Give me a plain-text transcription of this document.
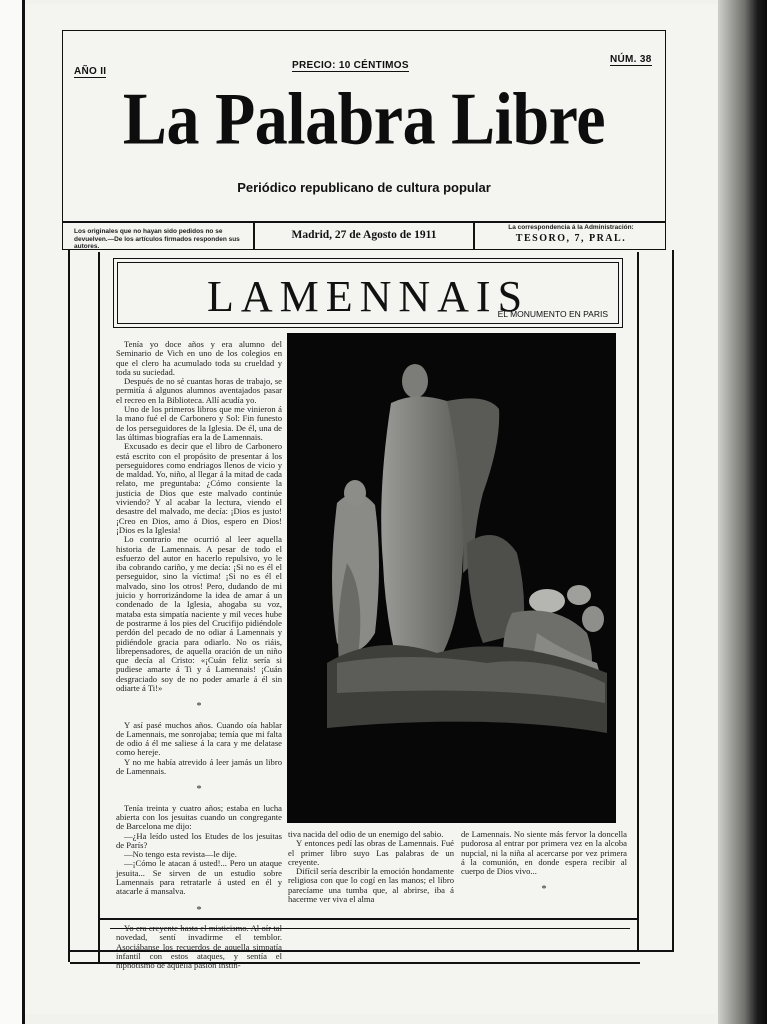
AÑO II
PRECIO: 10 CÉNTIMOS
NÚM. 38
La Palabra Libre
Periódico republicano de cultura popular
Los originales que no hayan sido pedidos no se devuelven.—De los artículos firmados responden sus autores.
Madrid, 27 de Agosto de 1911
La correspondencia á la Administración:
TESORO, 7, PRAL.
LAMENNAIS
EL MONUMENTO EN PARIS

Tenía yo doce años y era alumno del Seminario de Vich en uno de los colegios en que el clero ha acumulado toda su crueldad y toda su suciedad.

Después de no sé cuantas horas de trabajo, se permitía á algunos alumnos aventajados pasar el recreo en la Biblioteca. Allí acudía yo.

Uno de los primeros libros que me vinieron á la mano fué el de Carbonero y Sol: Fin funesto de los perseguidores de la Iglesia. De él, una de las últimas biografías era la de Lamennais.

Excusado es decir que el libro de Carbonero está escrito con el propósito de presentar á los perseguidores como endriagos llenos de vicio y de maldad. Yo, niño, al llegar á la mitad de cada relato, me preguntaba: ¿Cómo consiente la justicia de Dios que este malvado continúe viviendo? Y al acabar la lectura, viendo el desastre del malvado, me decía: ¡Dios es justo! ¡Creo en Dios, amo á Dios, espero en Dios! ¡Dios es la Iglesia!

Lo contrario me ocurrió al leer aquella historia de Lamennais. A pesar de todo el esfuerzo del autor en hacerlo repulsivo, yo le iba cobrando cariño, y me decía: ¡Si no es él el perseguidor, sino la víctima! ¡Si no es él el malvado, sino los otros! Pero, dudando de mi juicio y horrorizándome la idea de amar á un condenado de la Iglesia, ahogaba su voz, mataba esta simpatía naciente y mil veces hube de postrarme á los pies del Crucifijo pidiéndole perdón del pecado de no odiar á Lamennais y pidiéndole gracia para odiarlo. No os riáis, librepensadores, de aquella oración de un niño que decía al Cristo: «¡Cuán feliz sería si pudiese amarte á Ti y á Lamennais! ¡Cuán desgraciado soy de no poder amarle á él sin odiarte á Ti!»

*

Y así pasé muchos años. Cuando oía hablar de Lamennais, me sonrojaba; temía que mi falta de odio á él me saliese á la cara y me delatase como hereje.

Y no me había atrevido á leer jamás un libro de Lamennais.

*

Tenía treinta y cuatro años; estaba en lucha abierta con los jesuitas cuando un congregante de Barcelona me dijo:

—¿Ha leído usted los Etudes de los jesuitas de París?

—No tengo esta revista—le dije.

—¡Cómo le atacan á usted!... Pero un ataque jesuita... Se sirven de un estudio sobre Lamennais para retratarle á usted en él y atacarle á mansalva.

*

Yo era creyente hasta el misticismo. Al oír tal novedad, sentí invadirme el temblor. Asociábanse los recuerdos de aquella simpatía infantil con estos ataques, y sentía el hipnotismo de aquella pasión instin-

tiva nacida del odio de un enemigo del sabio.

Y entonces pedí las obras de Lamennais. Fué el primer libro suyo Las palabras de un creyente.

Difícil sería describir la emoción hondamente religiosa con que lo cogí en las manos; el libro parecíame una tumba que, al abrirse, iba á hacerme ver viva el alma

de Lamennais. No siente más fervor la doncella pudorosa al entrar por primera vez en la alcoba nupcial, ni la niña al acercarse por vez primera á la comunión, en donde espera recibir al cuerpo de Dios vivo...

*
